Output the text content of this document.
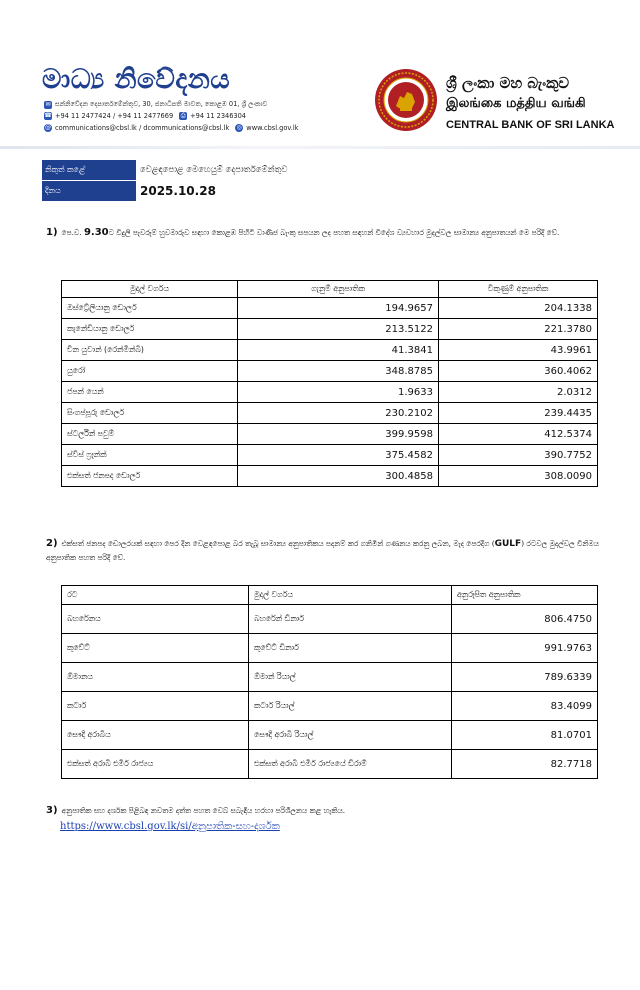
මාධ්‍ය නිවේදනය
✉ සන්නිවේදන දෙපාර්තමේන්තුව, 30, ජනාධිපති මාවත, කොළඹ 01, ශ්‍රී ලංකාව
☎ +94 11 2477424 / +94 11 2477669 ⎙ +94 11 2346304
@ communications@cbsl.lk / dcommunications@cbsl.lk ◎ www.cbsl.gov.lk
ශ්‍රී ලංකා මහ බැංකුව
இலங்கை மத்திய வங்கி
CENTRAL BANK OF SRI LANKA
නිකුත් කළේ	වෙළඳපොළ මෙහෙයුම් දෙපාර්තමේන්තුව
දිනය	2025.10.28
1) පෙ.ව. 9.30ට විදුලි පැවරුම් හුවමාරුව සඳහා කොළඹ පිහිටි වාණිජ බැංකු සපයන ලද පහත සඳහන් විදේශ ව්‍යවහාර මුදල්වල සාමාන්‍ය අනුපාතයන් මෙ පරිදි වේ.
මුදල් වර්ගය	ගැනුම් අනුපාතික	විකුණුම් අනුපාතික
ඔස්ට්‍රේලියානු ඩොලර්	194.9657	204.1338
කැනේඩියානු ඩොලර්	213.5122	221.3780
චීන යුවාන් (රෙන්මින්බි)	41.3841	43.9961
යුරෝ	348.8785	360.4062
ජපන් යෙන්	1.9633	2.0312
සිංගප්පූරු ඩොලර්	230.2102	239.4435
ස්ටර්ලින් පවුම්	399.9598	412.5374
ස්විස් ෆ්‍රෑන්ක්	375.4582	390.7752
එක්සත් ජනපද ඩොලර්	300.4858	308.0090
2) එක්සත් ජනපද ඩොලරයක් සඳහා පෙර දින වෙළඳපොළ බර තැබූ සාමාන්‍ය අනුපාතිකය පදනම් කර ගනිමින් ගණනය කරනු ලබන, මැද පෙරදිග (GULF) රටවල මුදල්වල විනිමය අනුපාතික පහත පරිදි වේ.
රට	මුදල් වර්ගය	අනුරූපිත අනුපාතික
බහරේනය	බහරේන් ඩිනාර්	806.4750
කුවේට්	කුවේට් ඩිනාර්	991.9763
ඕමානය	ඕමාන් රියාල්	789.6339
කටාර්	කටාර් රියාල්	83.4099
සෞදි අරාබිය	සෞදි අරාබි රියාල්	81.0701
එක්සත් අරාබි එමීර් රාජ්‍යය	එක්සත් අරාබි එමීර් රාජ්‍යයේ ඩිරාම්	82.7718
3) අනුපාතික සහ දර්ශක පිළිබඳ නවතම දත්ත පහත වෙබ් සබැඳිය හරහා පරිශීලනය කළ හැකිය.
https://www.cbsl.gov.lk/si/අනුපාතික-සහ-දර්ශක
